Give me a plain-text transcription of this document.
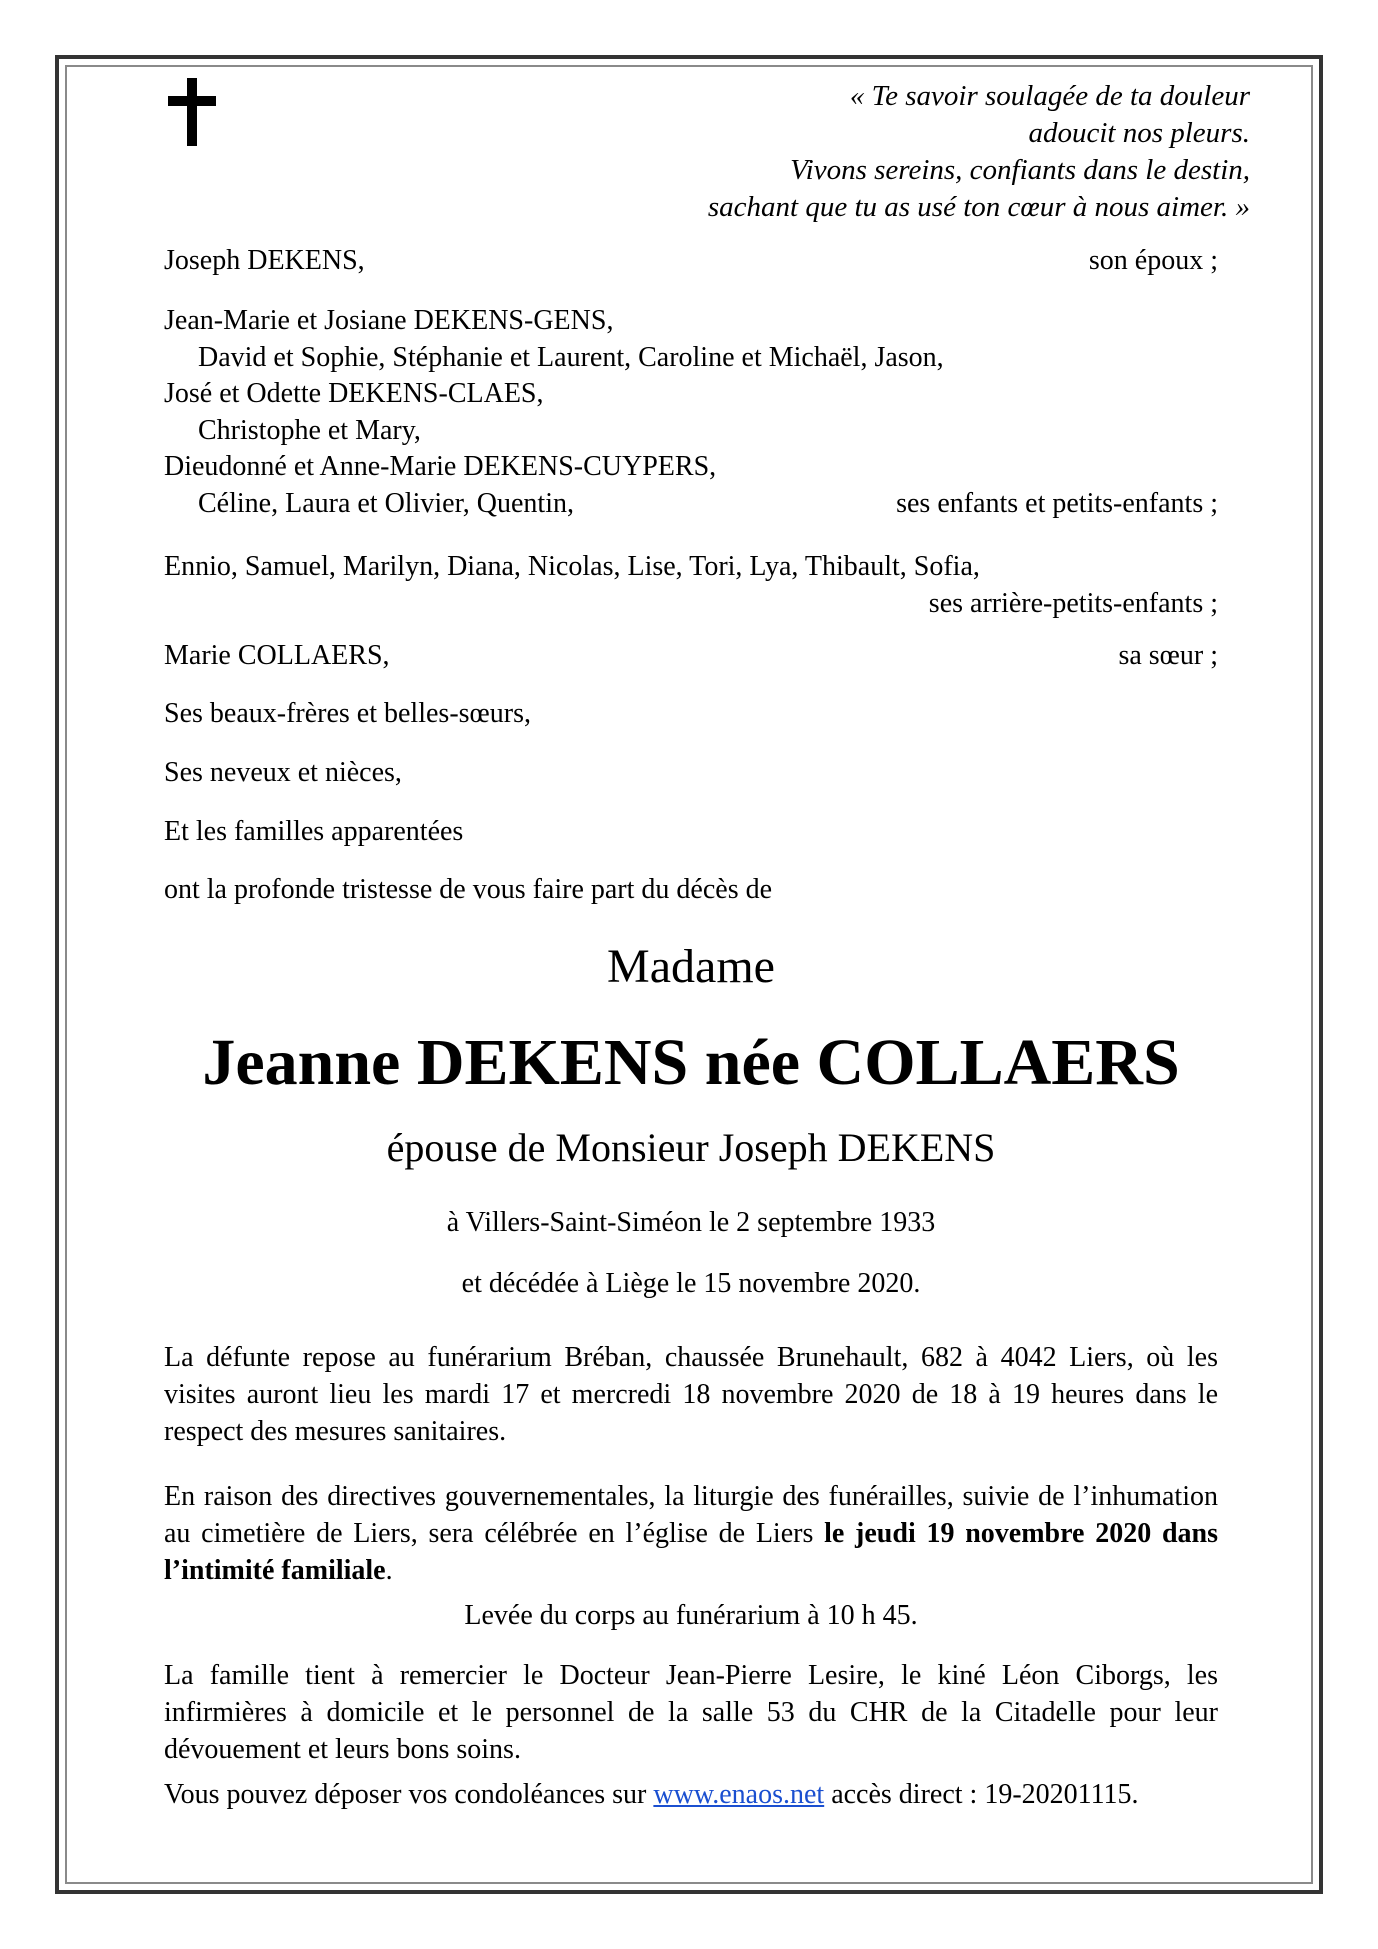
« Te savoir soulagée de ta douleur
adoucit nos pleurs.
Vivons sereins, confiants dans le destin,
sachant que tu as usé ton cœur à nous aimer. »
Joseph DEKENS,	son époux ;
Jean-Marie et Josiane DEKENS-GENS,
David et Sophie, Stéphanie et Laurent, Caroline et Michaël, Jason,
José et Odette DEKENS-CLAES,
Christophe et Mary,
Dieudonné et Anne-Marie DEKENS-CUYPERS,
Céline, Laura et Olivier, Quentin,	ses enfants et petits-enfants ;
Ennio, Samuel, Marilyn, Diana, Nicolas, Lise, Tori, Lya, Thibault, Sofia,
ses arrière-petits-enfants ;
Marie COLLAERS,	sa sœur ;
Ses beaux-frères et belles-sœurs,
Ses neveux et nièces,
Et les familles apparentées
ont la profonde tristesse de vous faire part du décès de
Madame
Jeanne DEKENS née COLLAERS
épouse de Monsieur Joseph DEKENS
à Villers-Saint-Siméon le 2 septembre 1933
et décédée à Liège le 15 novembre 2020.
La défunte repose au funérarium Bréban, chaussée Brunehault, 682 à 4042 Liers, où les visites auront lieu les mardi 17 et mercredi 18 novembre 2020 de 18 à 19 heures dans le respect des mesures sanitaires.
En raison des directives gouvernementales, la liturgie des funérailles, suivie de l’inhumation au cimetière de Liers, sera célébrée en l’église de Liers le jeudi 19 novembre 2020 dans l’intimité familiale.
Levée du corps au funérarium à 10 h 45.
La famille tient à remercier le Docteur Jean-Pierre Lesire, le kiné Léon Ciborgs, les infirmières à domicile et le personnel de la salle 53 du CHR de la Citadelle pour leur dévouement et leurs bons soins.
Vous pouvez déposer vos condoléances sur www.enaos.net accès direct : 19-20201115.
